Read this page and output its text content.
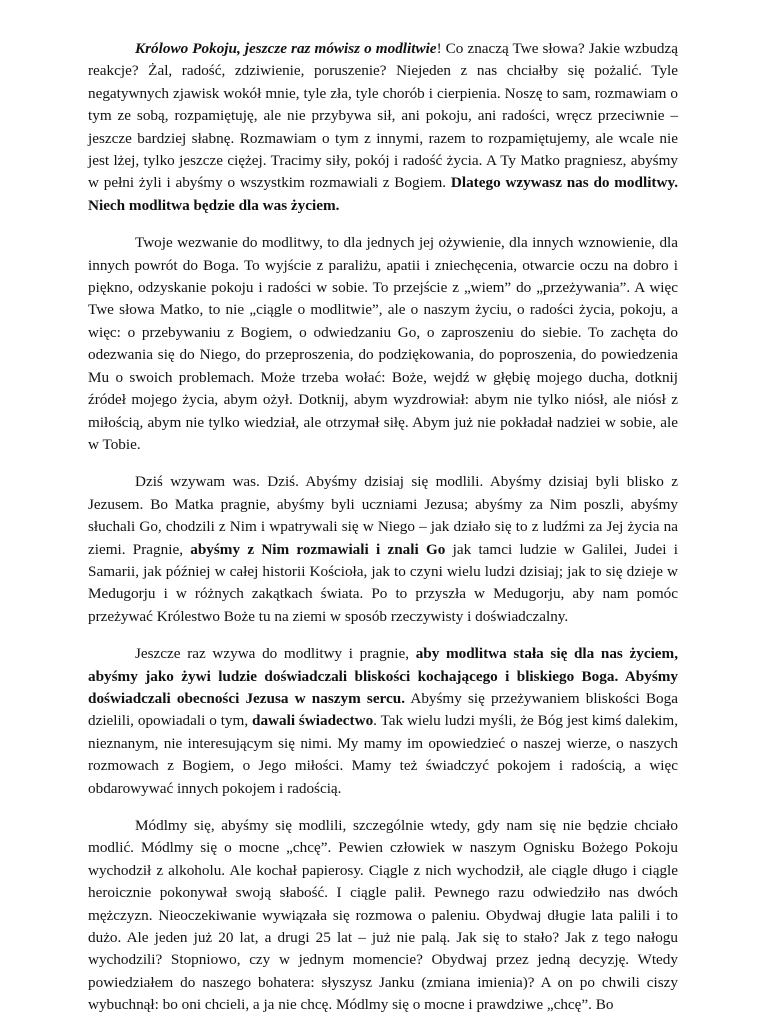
Królowo Pokoju, jeszcze raz mówisz o modlitwie! Co znaczą Twe słowa? Jakie wzbudzą reakcje? Żal, radość, zdziwienie, poruszenie? Niejeden z nas chciałby się pożalić. Tyle negatywnych zjawisk wokół mnie, tyle zła, tyle chorób i cierpienia. Noszę to sam, rozmawiam o tym ze sobą, rozpamiętuję, ale nie przybywa sił, ani pokoju, ani radości, wręcz przeciwnie – jeszcze bardziej słabnę. Rozmawiam o tym z innymi, razem to rozpamiętujemy, ale wcale nie jest lżej, tylko jeszcze ciężej. Tracimy siły, pokój i radość życia. A Ty Matko pragniesz, abyśmy w pełni żyli i abyśmy o wszystkim rozmawiali z Bogiem. Dlatego wzywasz nas do modlitwy. Niech modlitwa będzie dla was życiem.

Twoje wezwanie do modlitwy, to dla jednych jej ożywienie, dla innych wznowienie, dla innych powrót do Boga. To wyjście z paraliżu, apatii i zniechęcenia, otwarcie oczu na dobro i piękno, odzyskanie pokoju i radości w sobie. To przejście z „wiem” do „przeżywania”. A więc Twe słowa Matko, to nie „ciągle o modlitwie”, ale o naszym życiu, o radości życia, pokoju, a więc: o przebywaniu z Bogiem, o odwiedzaniu Go, o zaproszeniu do siebie. To zachęta do odezwania się do Niego, do przeproszenia, do podziękowania, do poproszenia, do powiedzenia Mu o swoich problemach. Może trzeba wołać: Boże, wejdź w głębię mojego ducha, dotknij źródeł mojego życia, abym ożył. Dotknij, abym wyzdrowiał: abym nie tylko niósł, ale niósł z miłością, abym nie tylko wiedział, ale otrzymał siłę. Abym już nie pokładał nadziei w sobie, ale w Tobie.

Dziś wzywam was. Dziś. Abyśmy dzisiaj się modlili. Abyśmy dzisiaj byli blisko z Jezusem. Bo Matka pragnie, abyśmy byli uczniami Jezusa; abyśmy za Nim poszli, abyśmy słuchali Go, chodzili z Nim i wpatrywali się w Niego – jak działo się to z ludźmi za Jej życia na ziemi. Pragnie, abyśmy z Nim rozmawiali i znali Go jak tamci ludzie w Galilei, Judei i Samarii, jak później w całej historii Kościoła, jak to czyni wielu ludzi dzisiaj; jak to się dzieje w Medugorju i w różnych zakątkach świata. Po to przyszła w Medugorju, aby nam pomóc przeżywać Królestwo Boże tu na ziemi w sposób rzeczywisty i doświadczalny.

Jeszcze raz wzywa do modlitwy i pragnie, aby modlitwa stała się dla nas życiem, abyśmy jako żywi ludzie doświadczali bliskości kochającego i bliskiego Boga. Abyśmy doświadczali obecności Jezusa w naszym sercu. Abyśmy się przeżywaniem bliskości Boga dzielili, opowiadali o tym, dawali świadectwo. Tak wielu ludzi myśli, że Bóg jest kimś dalekim, nieznanym, nie interesującym się nimi. My mamy im opowiedzieć o naszej wierze, o naszych rozmowach z Bogiem, o Jego miłości. Mamy też świadczyć pokojem i radością, a więc obdarowywać innych pokojem i radością.

Módlmy się, abyśmy się modlili, szczególnie wtedy, gdy nam się nie będzie chciało modlić. Módlmy się o mocne „chcę”. Pewien człowiek w naszym Ognisku Bożego Pokoju wychodził z alkoholu. Ale kochał papierosy. Ciągle z nich wychodził, ale ciągle długo i ciągle heroicznie pokonywał swoją słabość. I ciągle palił. Pewnego razu odwiedziło nas dwóch mężczyzn. Nieoczekiwanie wywiązała się rozmowa o paleniu. Obydwaj długie lata palili i to dużo. Ale jeden już 20 lat, a drugi 25 lat – już nie palą. Jak się to stało? Jak z tego nałogu wychodzili? Stopniowo, czy w jednym momencie? Obydwaj przez jedną decyzję. Wtedy powiedziałem do naszego bohatera: słyszysz Janku (zmiana imienia)? A on po chwili ciszy wybuchnął: bo oni chcieli, a ja nie chcę. Módlmy się o mocne i prawdziwe „chcę”. Bo
